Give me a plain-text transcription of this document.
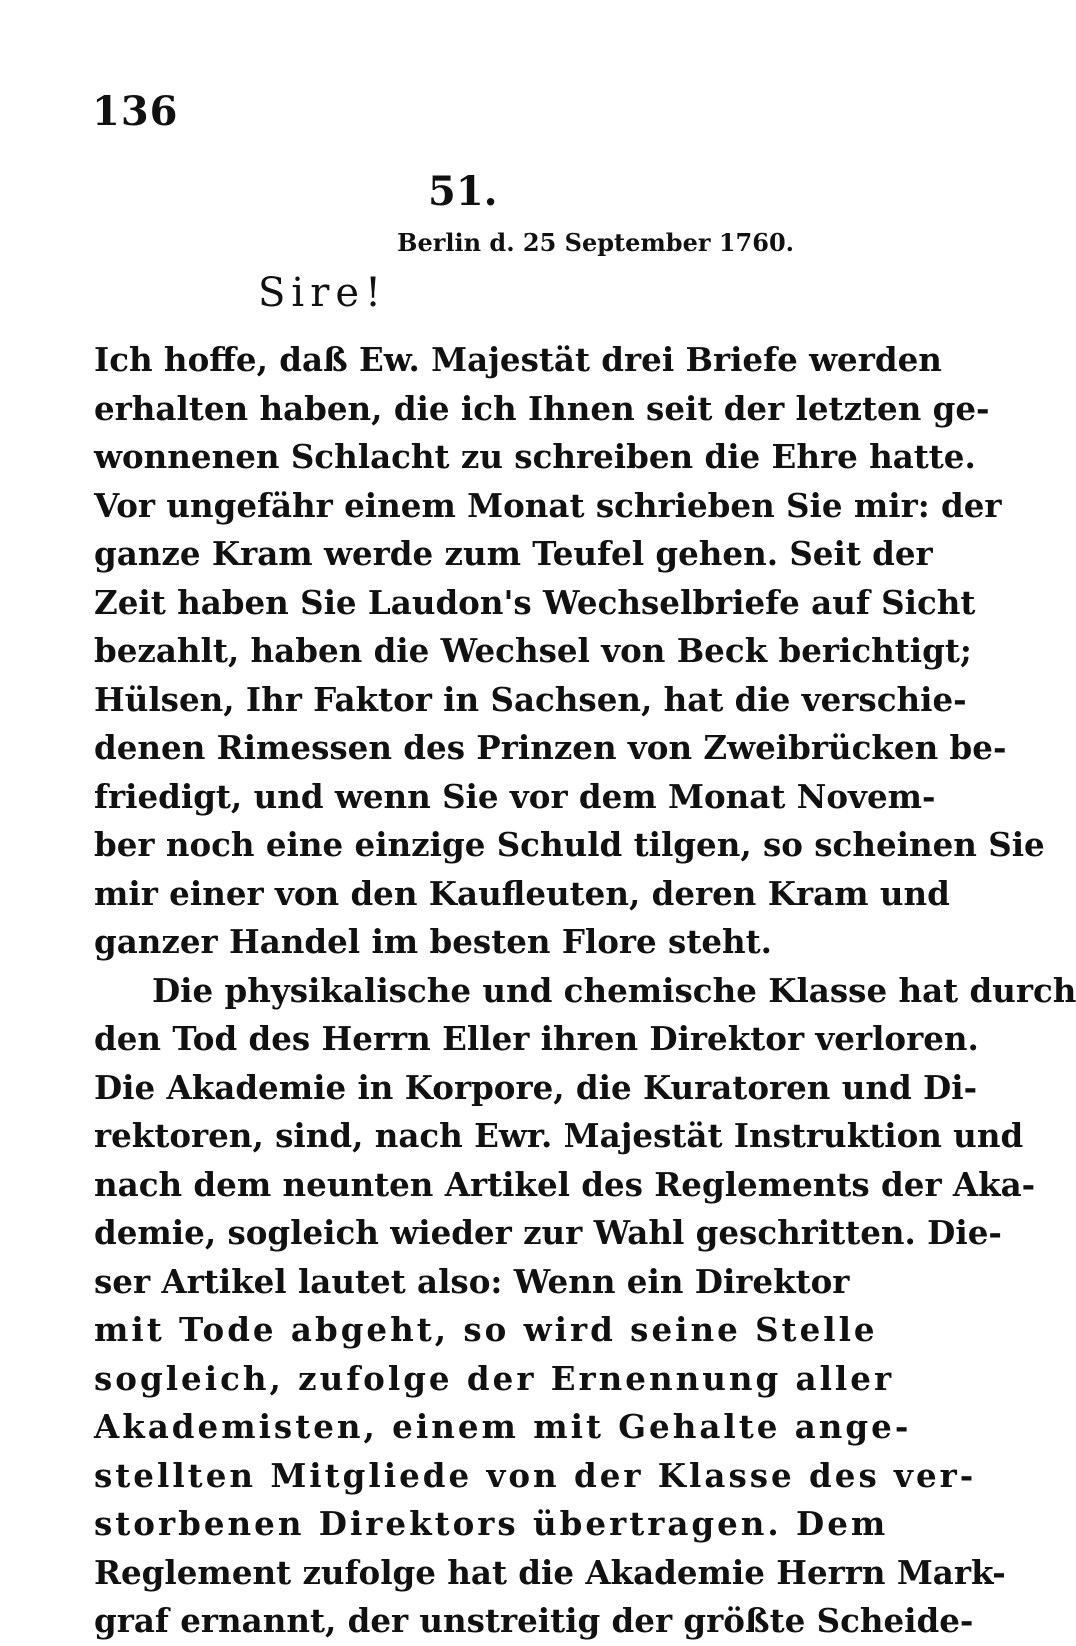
136
51.
Berlin d. 25 September 1760.
Sire!
Ich hoffe, daß Ew. Majestät drei Briefe werden
erhalten haben, die ich Ihnen seit der letzten ge-
wonnenen Schlacht zu schreiben die Ehre hatte.
Vor ungefähr einem Monat schrieben Sie mir: der
ganze Kram werde zum Teufel gehen. Seit der
Zeit haben Sie Laudon's Wechselbriefe auf Sicht
bezahlt, haben die Wechsel von Beck berichtigt;
Hülsen, Ihr Faktor in Sachsen, hat die verschie-
denen Rimessen des Prinzen von Zweibrücken be-
friedigt, und wenn Sie vor dem Monat Novem-
ber noch eine einzige Schuld tilgen, so scheinen Sie
mir einer von den Kaufleuten, deren Kram und
ganzer Handel im besten Flore steht.
Die physikalische und chemische Klasse hat durch
den Tod des Herrn Eller ihren Direktor verloren.
Die Akademie in Korpore, die Kuratoren und Di-
rektoren, sind, nach Ewr. Majestät Instruktion und
nach dem neunten Artikel des Reglements der Aka-
demie, sogleich wieder zur Wahl geschritten. Die-
ser Artikel lautet also: Wenn ein Direktor
mit Tode abgeht, so wird seine Stelle
sogleich, zufolge der Ernennung aller
Akademisten, einem mit Gehalte ange-
stellten Mitgliede von der Klasse des ver-
storbenen Direktors übertragen. Dem
Reglement zufolge hat die Akademie Herrn Mark-
graf ernannt, der unstreitig der größte Scheide-
